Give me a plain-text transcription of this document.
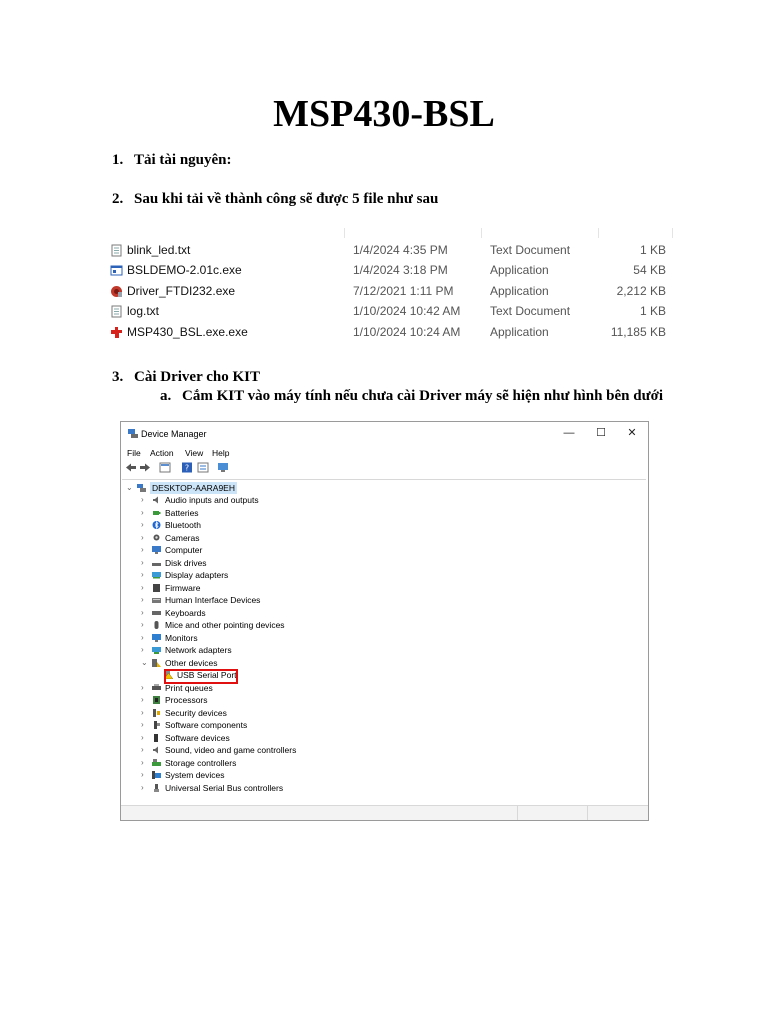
MSP430-BSL
1. Tải tài nguyên:
2. Sau khi tải về thành công sẽ được 5 file như sau
blink_led.txt	1/4/2024 4:35 PM	Text Document	1 KB
BSLDEMO-2.01c.exe	1/4/2024 3:18 PM	Application	54 KB
Driver_FTDI232.exe	7/12/2021 1:11 PM	Application	2,212 KB
log.txt	1/10/2024 10:42 AM Text Document	1 KB
MSP430_BSL.exe.exe	1/10/2024 10:24 AM Application	11,185 KB
3. Cài Driver cho KIT
a. Cắm KIT vào máy tính nếu chưa cài Driver máy sẽ hiện như hình bên dưới
Device Manager	—	☐	✕
File Action View Help
?
⌄ DESKTOP-AARA9EH
›	Audio inputs and outputs
›	Batteries
›	Bluetooth
›	Cameras
›	Computer
›	Disk drives
›	Display adapters
›	Firmware
›	Human Interface Devices
›	Keyboards
›	Mice and other pointing devices
›	Monitors
›	Network adapters
⌄ Other devices
USB Serial Port
›	Print queues
›	Processors
›	Security devices
›	Software components
›	Software devices
›	Sound, video and game controllers
›	Storage controllers
›	System devices
›	Universal Serial Bus controllers
